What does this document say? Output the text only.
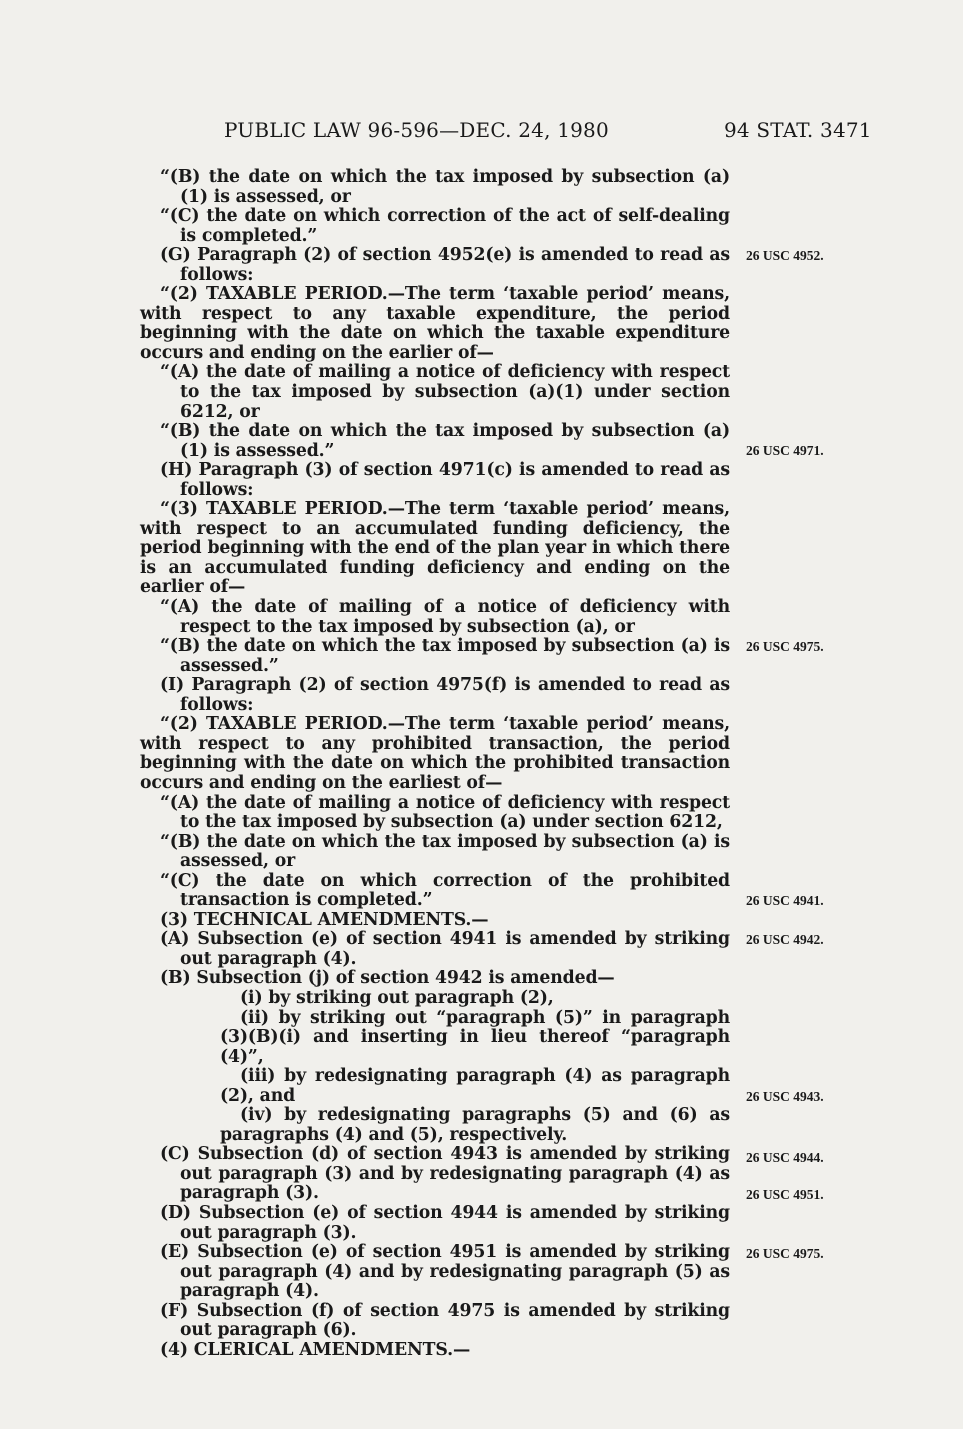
PUBLIC LAW 96-596—DEC. 24, 1980	94 STAT. 3471

“(B) the date on which the tax imposed by subsection (a)(1) is assessed, or

“(C) the date on which correction of the act of self-dealing is completed.”

(G) Paragraph (2) of section 4952(e) is amended to read as follows:

“(2) TAXABLE PERIOD.—The term ‘taxable period’ means, with respect to any taxable expenditure, the period beginning with the date on which the taxable expenditure occurs and ending on the earlier of—

“(A) the date of mailing a notice of deficiency with respect to the tax imposed by subsection (a)(1) under section 6212, or

“(B) the date on which the tax imposed by subsection (a)(1) is assessed.”

(H) Paragraph (3) of section 4971(c) is amended to read as follows:

“(3) TAXABLE PERIOD.—The term ‘taxable period’ means, with respect to an accumulated funding deficiency, the period beginning with the end of the plan year in which there is an accumulated funding deficiency and ending on the earlier of—

“(A) the date of mailing of a notice of deficiency with respect to the tax imposed by subsection (a), or

“(B) the date on which the tax imposed by subsection (a) is assessed.”

(I) Paragraph (2) of section 4975(f) is amended to read as follows:

“(2) TAXABLE PERIOD.—The term ‘taxable period’ means, with respect to any prohibited transaction, the period beginning with the date on which the prohibited transaction occurs and ending on the earliest of—

“(A) the date of mailing a notice of deficiency with respect to the tax imposed by subsection (a) under section 6212,

“(B) the date on which the tax imposed by subsection (a) is assessed, or

“(C) the date on which correction of the prohibited transaction is completed.”

(3) TECHNICAL AMENDMENTS.—

(A) Subsection (e) of section 4941 is amended by striking out paragraph (4).

(B) Subsection (j) of section 4942 is amended—

(i) by striking out paragraph (2),

(ii) by striking out “paragraph (5)” in paragraph (3)(B)(i) and inserting in lieu thereof “paragraph (4)”,

(iii) by redesignating paragraph (4) as paragraph (2), and

(iv) by redesignating paragraphs (5) and (6) as paragraphs (4) and (5), respectively.

(C) Subsection (d) of section 4943 is amended by striking out paragraph (3) and by redesignating paragraph (4) as paragraph (3).

(D) Subsection (e) of section 4944 is amended by striking out paragraph (3).

(E) Subsection (e) of section 4951 is amended by striking out paragraph (4) and by redesignating paragraph (5) as paragraph (4).

(F) Subsection (f) of section 4975 is amended by striking out paragraph (6).

(4) CLERICAL AMENDMENTS.—

26 USC 4952.
26 USC 4971.
26 USC 4975.
26 USC 4941.
26 USC 4942.
26 USC 4943.
26 USC 4944.
26 USC 4951.
26 USC 4975.
